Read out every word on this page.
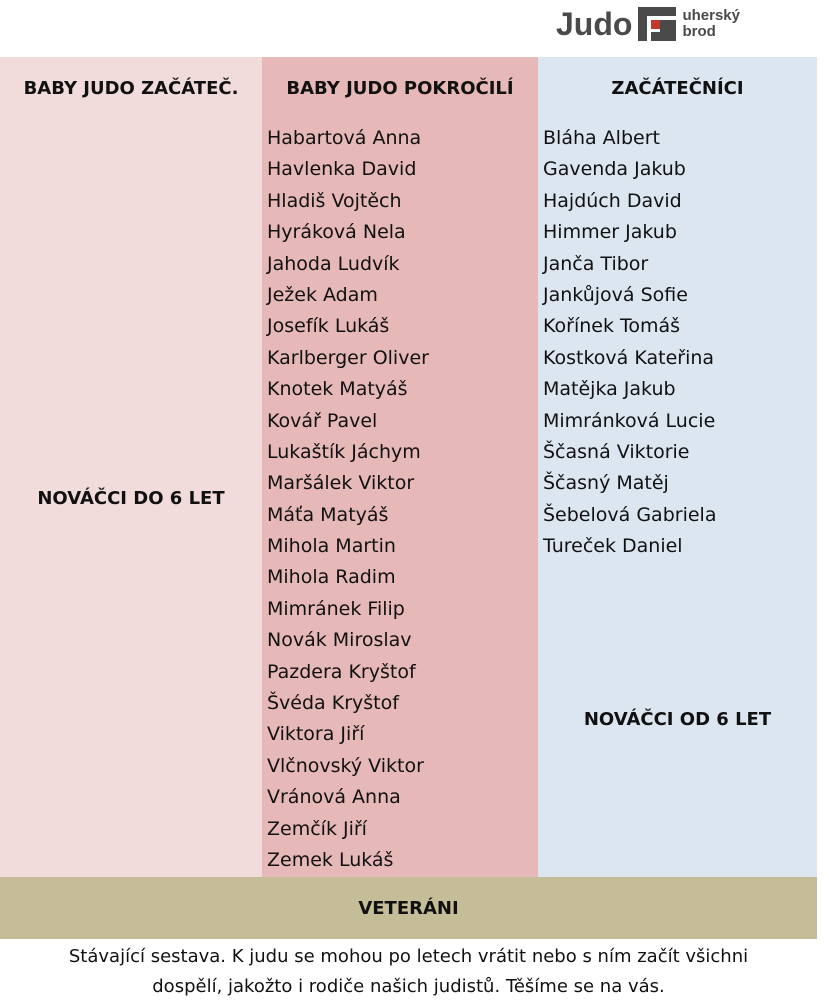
Judo	uherský
brod
BABY JUDO ZAČÁTEČ.
NOVÁČCI DO 6 LET
BABY JUDO POKROČILÍ
Habartová Anna
Havlenka David
Hladiš Vojtěch
Hyráková Nela
Jahoda Ludvík
Ježek Adam
Josefík Lukáš
Karlberger Oliver
Knotek Matyáš
Kovář Pavel
Lukaštík Jáchym
Maršálek Viktor
Máťa Matyáš
Mihola Martin
Mihola Radim
Mimránek Filip
Novák Miroslav
Pazdera Kryštof
Švéda Kryštof
Viktora Jiří
Vlčnovský Viktor
Vránová Anna
Zemčík Jiří
Zemek Lukáš
ZAČÁTEČNÍCI
Bláha Albert
Gavenda Jakub
Hajdúch David
Himmer Jakub
Janča Tibor
Jankůjová Sofie
Kořínek Tomáš
Kostková Kateřina
Matějka Jakub
Mimránková Lucie
Ščasná Viktorie
Ščasný Matěj
Šebelová Gabriela
Tureček Daniel
NOVÁČCI OD 6 LET
VETERÁNI
Stávající sestava. K judu se mohou po letech vrátit nebo s ním začít všichni
dospělí, jakožto i rodiče našich judistů. Těšíme se na vás.
